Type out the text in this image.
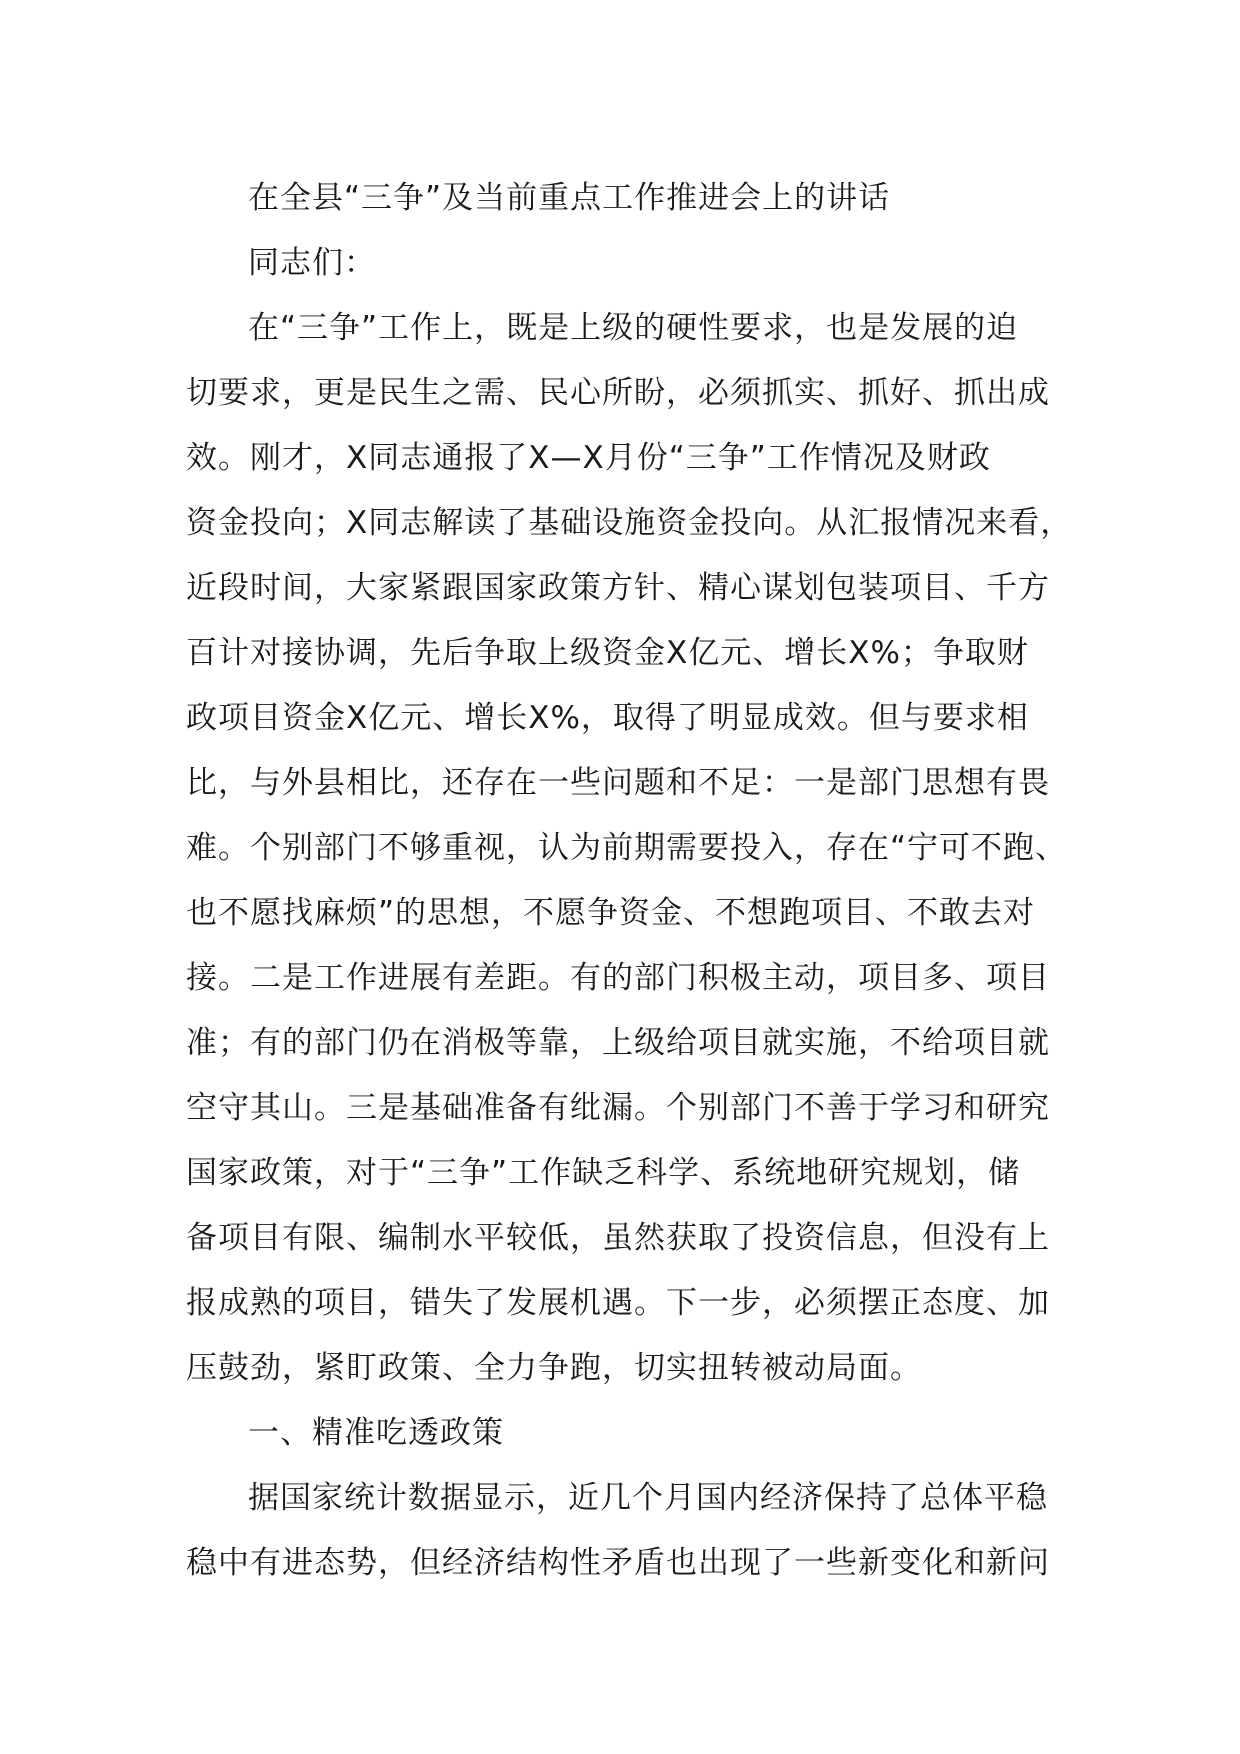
在全县“三争”及当前重点工作推进会上的讲话
同志们：
在“三争”工作上，既是上级的硬性要求，也是发展的迫
切要求，更是民生之需、民心所盼，必须抓实、抓好、抓出成
效。刚才，X同志通报了X—X月份“三争”工作情况及财政
资金投向；X同志解读了基础设施资金投向。从汇报情况来看，
近段时间，大家紧跟国家政策方针、精心谋划包装项目、千方
百计对接协调，先后争取上级资金X亿元、增长X%；争取财
政项目资金X亿元、增长X%，取得了明显成效。但与要求相
比，与外县相比，还存在一些问题和不足：一是部门思想有畏
难。个别部门不够重视，认为前期需要投入，存在“宁可不跑、
也不愿找麻烦”的思想，不愿争资金、不想跑项目、不敢去对
接。二是工作进展有差距。有的部门积极主动，项目多、项目
准；有的部门仍在消极等靠，上级给项目就实施，不给项目就
空守其山。三是基础准备有纰漏。个别部门不善于学习和研究
国家政策，对于“三争”工作缺乏科学、系统地研究规划，储
备项目有限、编制水平较低，虽然获取了投资信息，但没有上
报成熟的项目，错失了发展机遇。下一步，必须摆正态度、加
压鼓劲，紧盯政策、全力争跑，切实扭转被动局面。
一、精准吃透政策
据国家统计数据显示，近几个月国内经济保持了总体平稳
稳中有进态势，但经济结构性矛盾也出现了一些新变化和新问
